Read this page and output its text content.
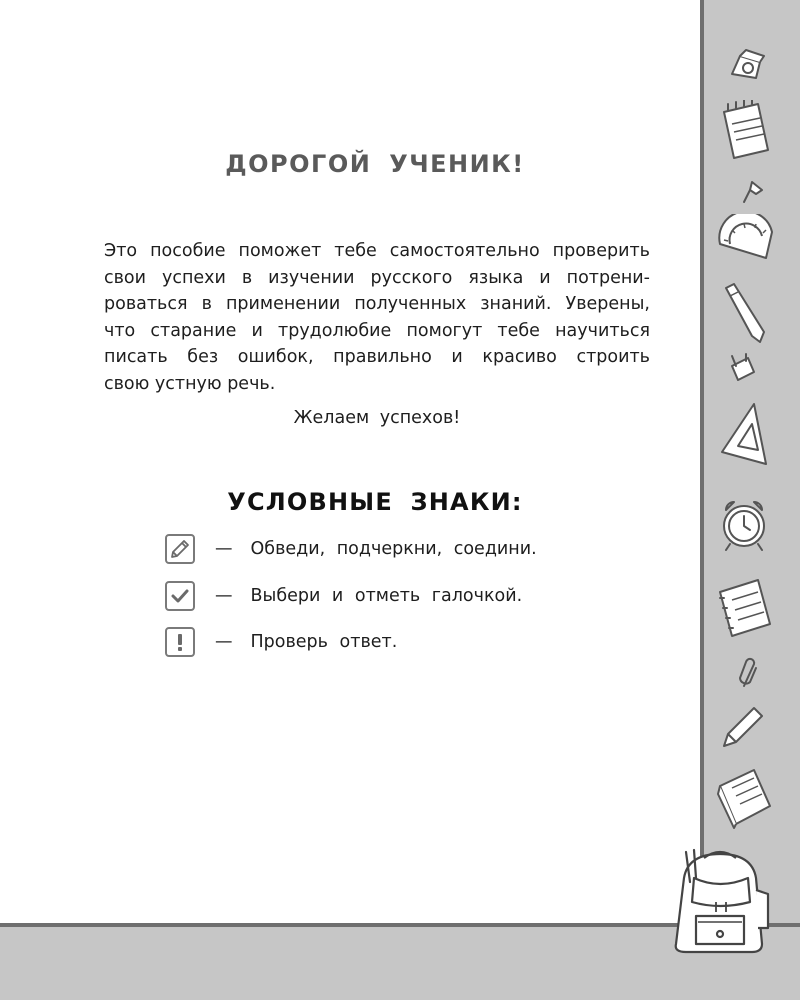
ДОРОГОЙ УЧЕНИК!
Это пособие поможет тебе самостоятельно проверить
свои успехи в изучении русского языка и потрени-
роваться в применении полученных знаний. Уверены,
что старание и трудолюбие помогут тебе научиться
писать без ошибок, правильно и красиво строить
свою устную речь.
Желаем успехов!
УСЛОВНЫЕ ЗНАКИ:
— Обведи, подчеркни, соедини.
— Выбери и отметь галочкой.
— Проверь ответ.
